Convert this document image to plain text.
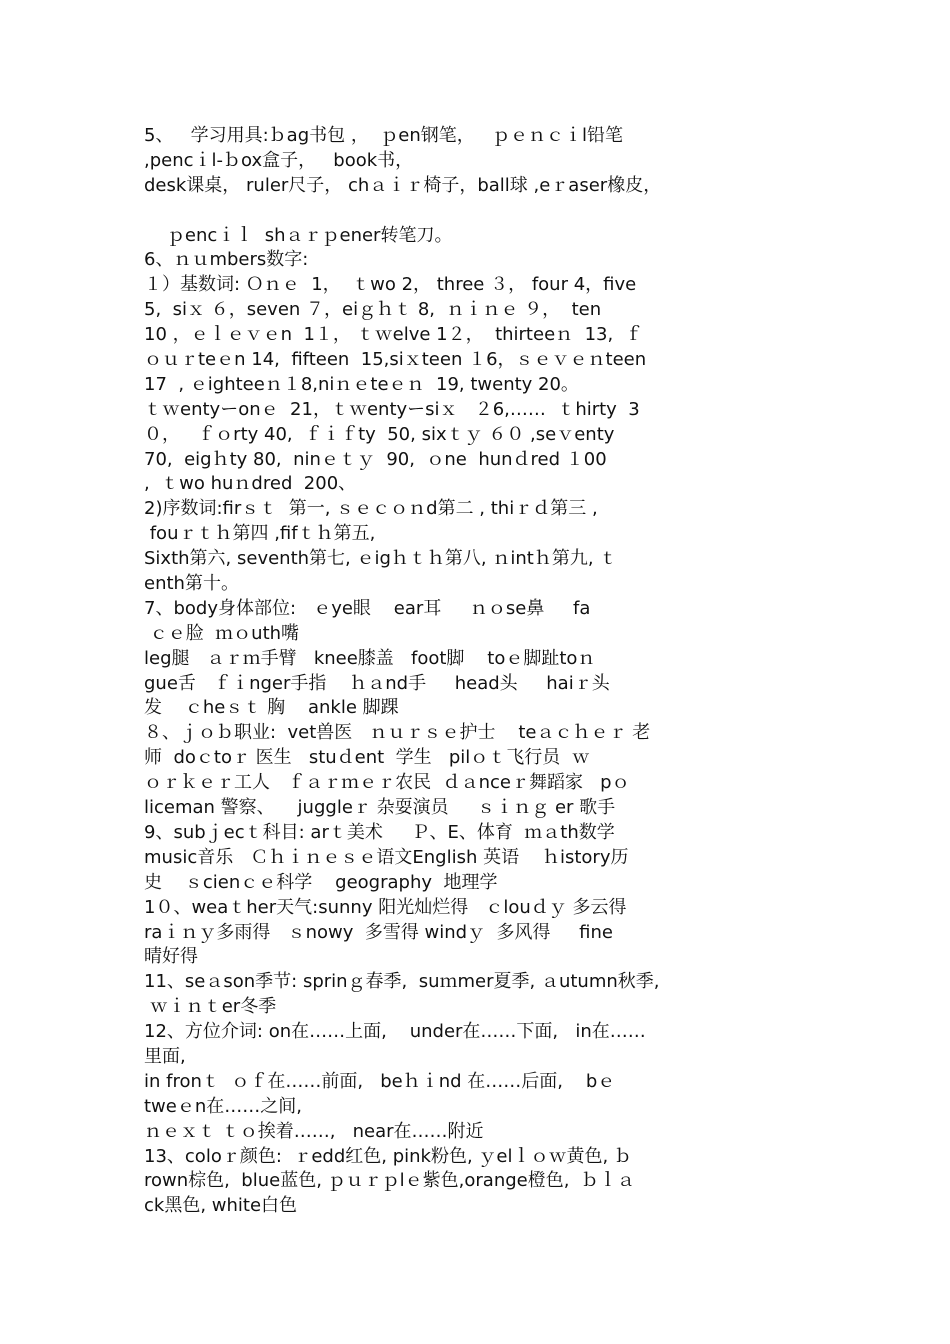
5、   学习用具:ｂag书包 ，  ｐen钢笔，   ｐｅｎｃｉl铅笔
,pencｉl-ｂox盒子，   book书，
desk课桌， ruler尺子， chａｉｒ椅子，ball球 ,eｒaser橡皮，
ｐencｉｌ  shａｒｐener转笔刀。
6、ｎｕmbers数字:
１）基数词: Ｏｎｅ  1，  ｔwo 2， three ３， four 4，five
5,  siｘ ６，seven ７，eiｇｈｔ 8,  ｎｉｎｅ ９，  ten
10 ，ｅｌｅｖｅn  1１， ｔｗelve 1２，  thirteeｎ  13,  ｆ
ｏｕｒteｅn 14,  fifteen  15,siｘteen １6，ｓｅｖｅｎteen
17  , ｅighteeｎ１8,niｎｅteｅｎ  19, twenty 20。
ｔｗentyーonｅ  21，ｔｗentyーsiｘ   ２6,……  ｔhirty  3
０，   ｆｏrty 40,  ｆｉｆty  50, sixｔｙ ６０ ,seｖenty
70,  eigｈty 80,  ninｅｔｙ  90,  ｏne  hunｄred １00
,  ｔwo huｎdred  200、
2)序数词:firｓｔ  第一, ｓｅｃｏｎd第二 , thiｒｄ第三 ,
fouｒｔｈ第四 ,fifｔｈ第五,
Sixth第六, seventh第七, ｅigｈｔｈ第八, ｎintｈ第九, ｔ
enth第十。
7、body身体部位:   ｅye眼    ear耳     ｎｏse鼻     fa
ｃｅ脸  ｍｏuth嘴
leg腿   ａｒｍ手臂   knee膝盖   foot脚    toｅ脚趾toｎ
gue舌   ｆｉnger手指    ｈａnd手     head头     haiｒ头
发    ｃheｓｔ 胸    ankle 脚踝
８、ｊｏｂ职业:  vet兽医   ｎｕｒｓｅ护士    teａｃｈｅｒ 老
师  doｃtoｒ 医生   stuｄent  学生   pilｏｔ飞行员  ｗ
ｏｒｋｅｒ工人   ｆａｒｍｅｒ农民  ｄａnceｒ舞蹈家   pｏ
liceman 警察、    juggleｒ 杂耍演员     ｓｉｎｇ er 歌手
9、subｊecｔ科目: arｔ美术     Ｐ、E、体育  ｍａth数学
music音乐   Ｃｈｉｎｅｓｅ语文English 英语    ｈistory历
史    ｓcienｃｅ科学    geography  地理学
1０、weaｔher天气:sunny 阳光灿烂得   ｃlouｄｙ 多云得
raｉｎｙ多雨得   ｓnowy  多雪得 windｙ  多风得     fine
晴好得
11、seａson季节: sprinｇ春季,  suｍmer夏季, ａutumn秋季,
ｗｉｎｔer冬季
12、方位介词: on在……上面,    under在……下面,   in在……
里面,
in fronｔ  ｏｆ在……前面,   beｈｉnd 在……后面,    bｅ
tweｅn在……之间,
ｎｅｘｔ ｔｏ挨着……,   near在……附近
13、coloｒ颜色:  ｒedd红色, pink粉色, ｙelｌｏｗ黄色, ｂ
rown棕色,  blue蓝色, ｐｕｒｐlｅ紫色,orange橙色,  ｂｌａ
ck黑色, white白色
